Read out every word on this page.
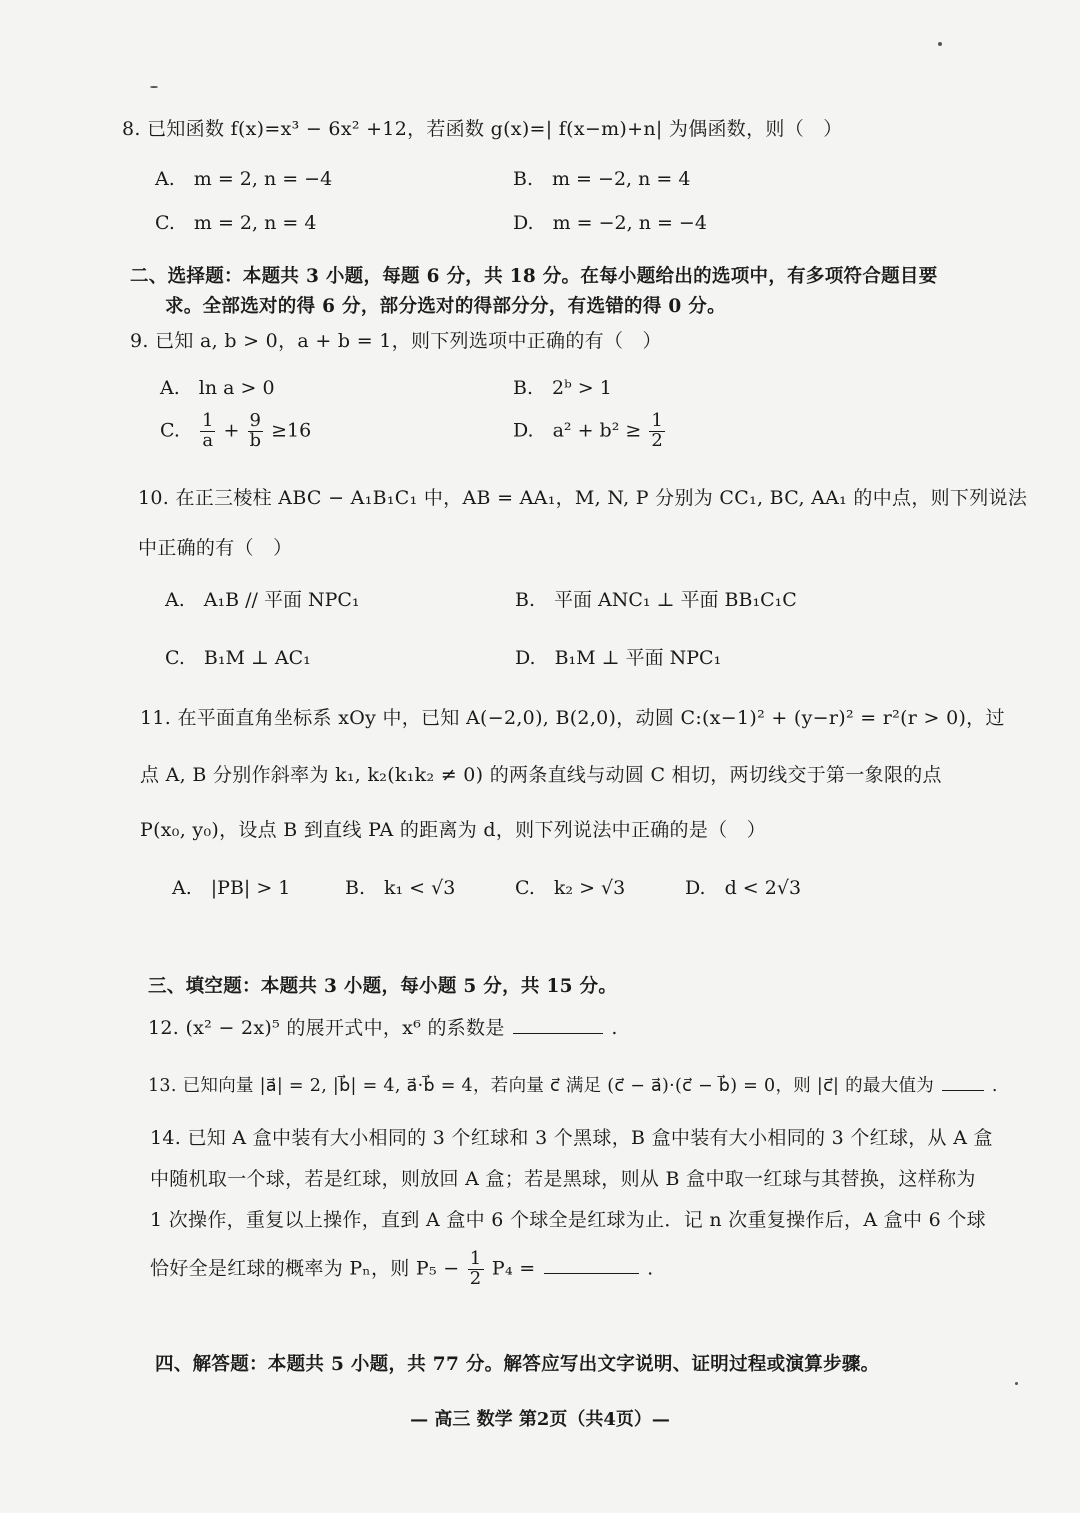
8. 已知函数 f(x)=x³ − 6x² +12，若函数 g(x)=| f(x−m)+n| 为偶函数，则（　）
A.　m = 2, n = −4	B.　m = −2, n = 4
C.　m = 2, n = 4	D.　m = −2, n = −4
二、选择题：本题共 3 小题，每题 6 分，共 18 分。在每小题给出的选项中，有多项符合题目要
求。全部选对的得 6 分，部分选对的得部分分，有选错的得 0 分。
9. 已知 a, b > 0，a + b = 1，则下列选项中正确的有（　）
A.　ln a > 0	B.　2ᵇ > 1
C. $\frac{1}{a} + \frac{9}{b} \ge 16$	D.　$a^2 + b^2 \ge \frac{1}{2}$
10. 在正三棱柱 ABC − A₁B₁C₁ 中，AB = AA₁，M, N, P 分别为 CC₁, BC, AA₁ 的中点，则下列说法
中正确的有（　）
A.　A₁B // 平面 NPC₁	B.　平面 ANC₁ ⊥ 平面 BB₁C₁C
C.　B₁M ⊥ AC₁	D.　B₁M ⊥ 平面 NPC₁
11. 在平面直角坐标系 xOy 中，已知 A(−2,0), B(2,0)，动圆 C:(x−1)² + (y−r)² = r²(r > 0)，过
点 A, B 分别作斜率为 k₁, k₂(k₁k₂ ≠ 0) 的两条直线与动圆 C 相切，两切线交于第一象限的点
P(x₀, y₀)，设点 B 到直线 PA 的距离为 d，则下列说法中正确的是（　）
A.　|PB| > 1	B.　k₁ < √3	C.　k₂ > √3	D.　d < 2√3
三、填空题：本题共 3 小题，每小题 5 分，共 15 分。
12. (x² − 2x)⁵ 的展开式中，x⁶ 的系数是	.
13. 已知向量 |a⃗| = 2, |b⃗| = 4, a⃗·b⃗ = 4，若向量 c⃗ 满足 (c⃗ − a⃗)·(c⃗ − b⃗) = 0，则 |c⃗| 的最大值为	.
14. 已知 A 盒中装有大小相同的 3 个红球和 3 个黑球，B 盒中装有大小相同的 3 个红球，从 A 盒
中随机取一个球，若是红球，则放回 A 盒；若是黑球，则从 B 盒中取一红球与其替换，这样称为
1 次操作，重复以上操作，直到 A 盒中 6 个球全是红球为止．记 n 次重复操作后，A 盒中 6 个球
恰好全是红球的概率为 Pₙ，则 $P_5 - \frac{1}{2} P_4$ =	.
四、解答题：本题共 5 小题，共 77 分。解答应写出文字说明、证明过程或演算步骤。
— 高三 数学 第2页（共4页）—
